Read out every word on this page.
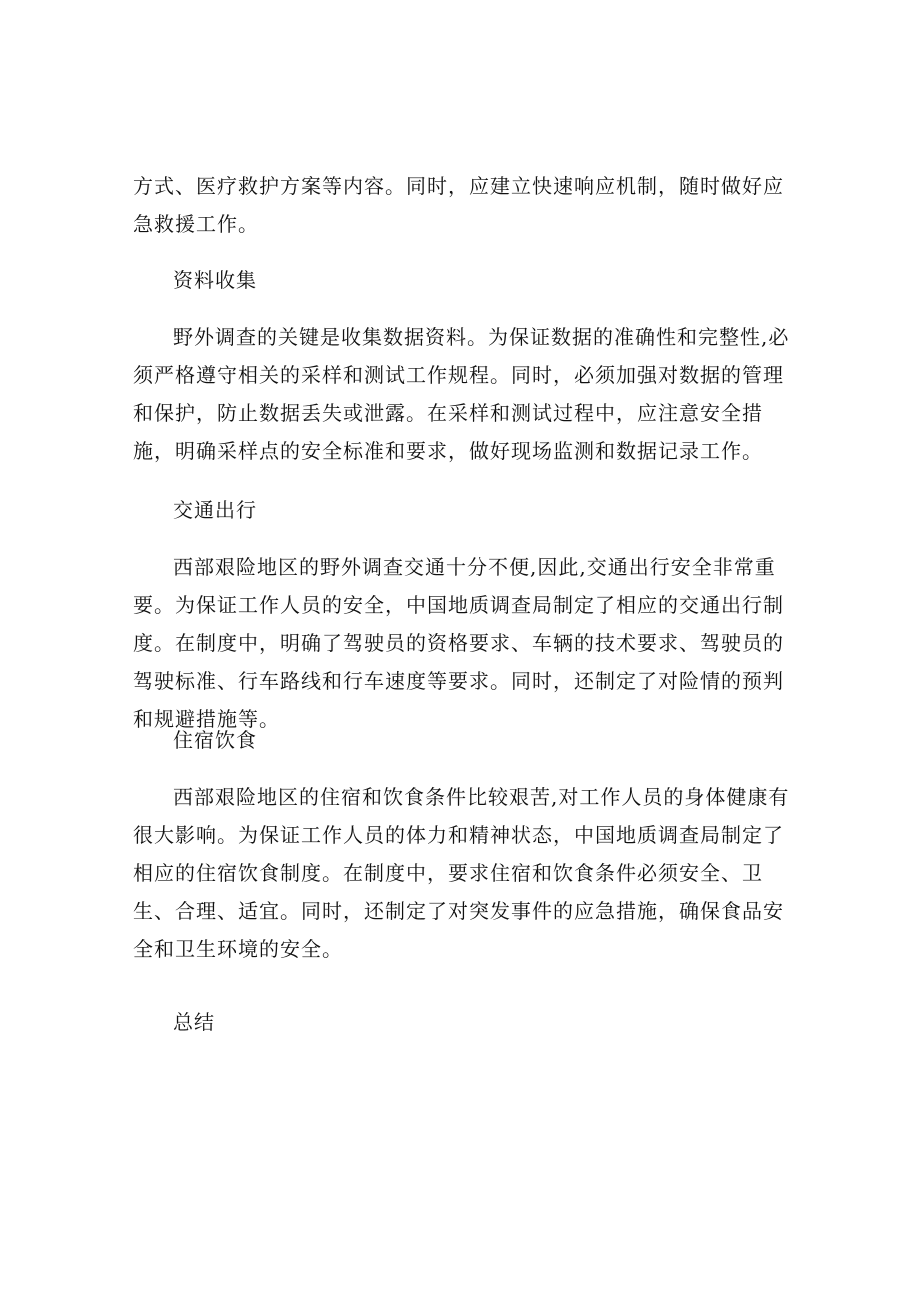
方式、医疗救护方案等内容。同时，应建立快速响应机制，随时做好应急救援工作。
资料收集
野外调查的关键是收集数据资料。为保证数据的准确性和完整性,必须严格遵守相关的采样和测试工作规程。同时，必须加强对数据的管理和保护，防止数据丢失或泄露。在采样和测试过程中，应注意安全措施，明确采样点的安全标准和要求，做好现场监测和数据记录工作。
交通出行
西部艰险地区的野外调查交通十分不便,因此,交通出行安全非常重要。为保证工作人员的安全，中国地质调查局制定了相应的交通出行制度。在制度中，明确了驾驶员的资格要求、车辆的技术要求、驾驶员的驾驶标准、行车路线和行车速度等要求。同时，还制定了对险情的预判和规避措施等。
住宿饮食
西部艰险地区的住宿和饮食条件比较艰苦,对工作人员的身体健康有很大影响。为保证工作人员的体力和精神状态，中国地质调查局制定了相应的住宿饮食制度。在制度中，要求住宿和饮食条件必须安全、卫生、合理、适宜。同时，还制定了对突发事件的应急措施，确保食品安全和卫生环境的安全。
总结
